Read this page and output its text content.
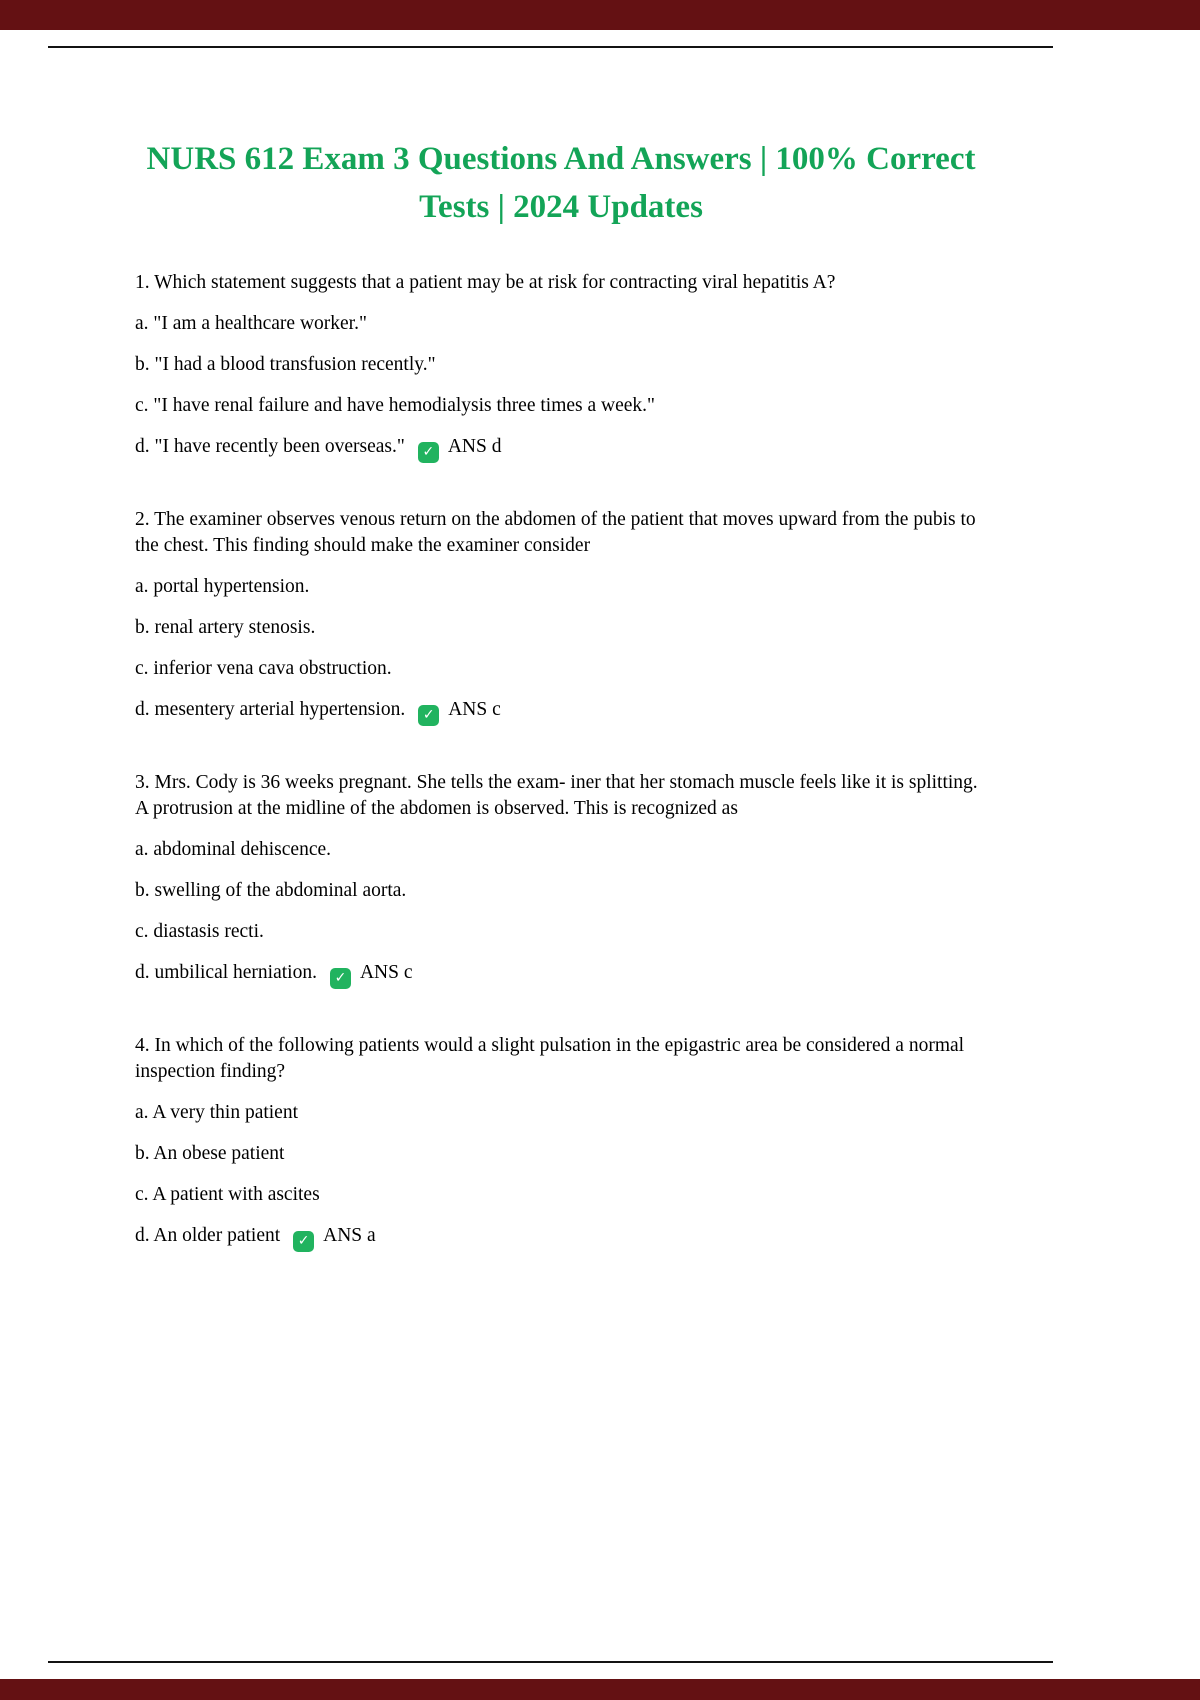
NURS 612 Exam 3 Questions And Answers | 100% Correct Tests | 2024 Updates

1. Which statement suggests that a patient may be at risk for contracting viral hepatitis A?

a. "I am a healthcare worker."

b. "I had a blood transfusion recently."

c. "I have renal failure and have hemodialysis three times a week."

d. "I have recently been overseas." ✓ ANS d

2. The examiner observes venous return on the abdomen of the patient that moves upward from the pubis to the chest. This finding should make the examiner consider

a. portal hypertension.

b. renal artery stenosis.

c. inferior vena cava obstruction.

d. mesentery arterial hypertension. ✓ ANS c

3. Mrs. Cody is 36 weeks pregnant. She tells the exam- iner that her stomach muscle feels like it is splitting. A protrusion at the midline of the abdomen is observed. This is recognized as

a. abdominal dehiscence.

b. swelling of the abdominal aorta.

c. diastasis recti.

d. umbilical herniation. ✓ ANS c

4. In which of the following patients would a slight pulsation in the epigastric area be considered a normal inspection finding?

a. A very thin patient

b. An obese patient

c. A patient with ascites

d. An older patient ✓ ANS a
